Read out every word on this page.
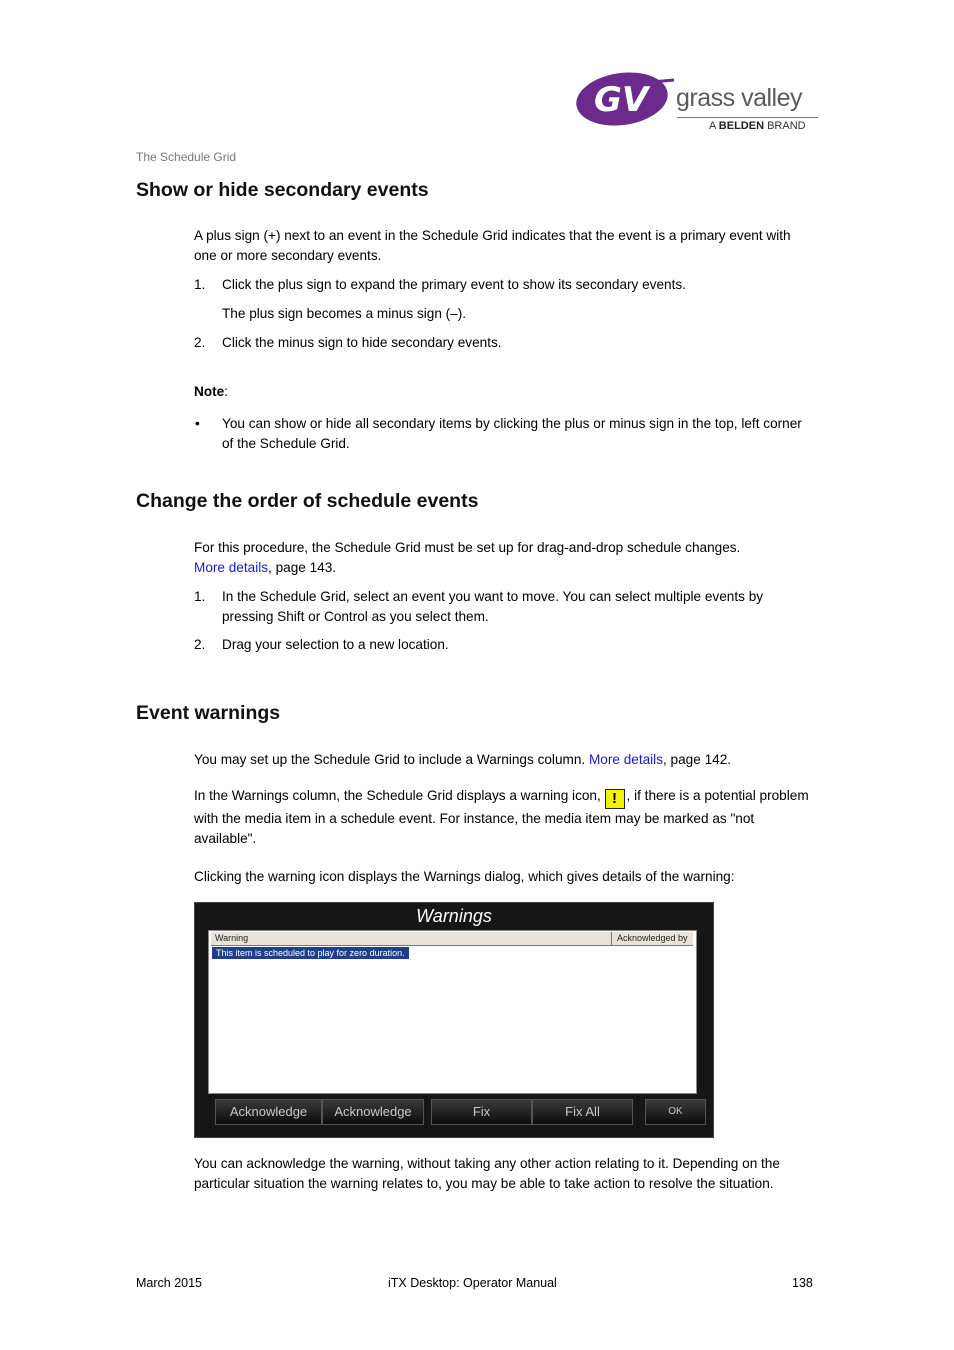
GV grass valley
A BELDEN BRAND
The Schedule Grid
Show or hide secondary events
A plus sign (+) next to an event in the Schedule Grid indicates that the event is a primary event with one or more secondary events.
1. Click the plus sign to expand the primary event to show its secondary events.
The plus sign becomes a minus sign (–).
2. Click the minus sign to hide secondary events.
Note:
• You can show or hide all secondary items by clicking the plus or minus sign in the top, left corner of the Schedule Grid.
Change the order of schedule events
For this procedure, the Schedule Grid must be set up for drag-and-drop schedule changes.
More details, page 143.
1. In the Schedule Grid, select an event you want to move. You can select multiple events by pressing Shift or Control as you select them.
2. Drag your selection to a new location.
Event warnings
You may set up the Schedule Grid to include a Warnings column. More details, page 142.
In the Warnings column, the Schedule Grid displays a warning icon, ! , if there is a potential problem with the media item in a schedule event. For instance, the media item may be marked as "not available".
Clicking the warning icon displays the Warnings dialog, which gives details of the warning:
Warnings
Warning	Acknowledged by
This item is scheduled to play for zero duration.
Acknowledge	Acknowledge	Fix	Fix All	OK
You can acknowledge the warning, without taking any other action relating to it. Depending on the particular situation the warning relates to, you may be able to take action to resolve the situation.
March 2015	iTX Desktop: Operator Manual	138
